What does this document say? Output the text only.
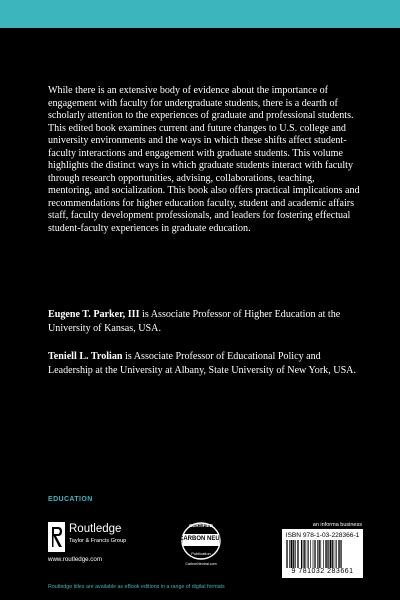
While there is an extensive body of evidence about the importance of engagement with faculty for undergraduate students, there is a dearth of scholarly attention to the experiences of graduate and professional students. This edited book examines current and future changes to U.S. college and university environments and the ways in which these shifts affect student-faculty interactions and engagement with graduate students. This volume highlights the distinct ways in which graduate students interact with faculty through research opportunities, advising, collaborations, teaching, mentoring, and socialization. This book also offers practical implications and recommendations for higher education faculty, student and academic affairs staff, faculty development professionals, and leaders for fostering effectual student-faculty experiences in graduate education.

Eugene T. Parker, III is Associate Professor of Higher Education at the University of Kansas, USA.

Teniell L. Trolian is Associate Professor of Educational Policy and Leadership at the University at Albany, State University of New York, USA.

EDUCATION
Routledge
Taylor & Francis Group
www.routledge.com
CERTIFIED
CARBON NEUTRAL
Publication
CarbonNeutral.com
an informa business
ISBN 978-1-03-228366-1
9 781032 283661
Routledge titles are available as eBook editions in a range of digital formats
